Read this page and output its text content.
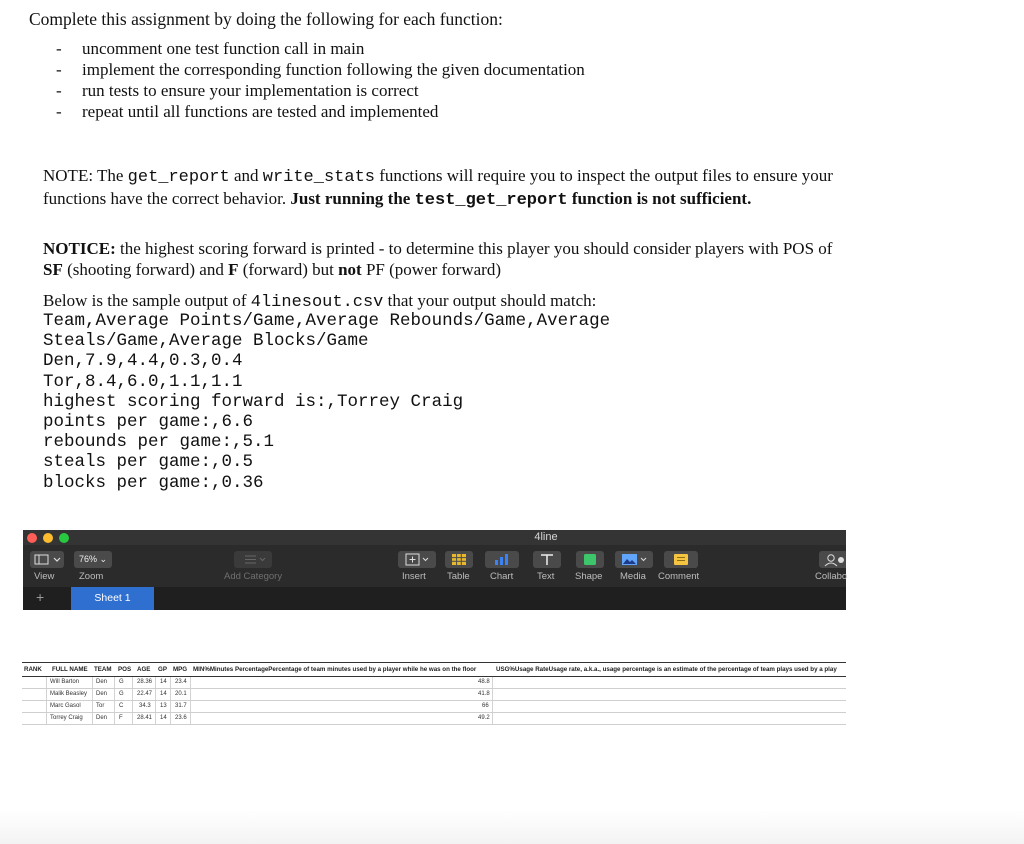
Complete this assignment by doing the following for each function:
- uncomment one test function call in main
- implement the corresponding function following the given documentation
- run tests to ensure your implementation is correct
- repeat until all functions are tested and implemented
NOTE: The get_report and write_stats functions will require you to inspect the output files to ensure your functions have the correct behavior. Just running the test_get_report function is not sufficient.
NOTICE: the highest scoring forward is printed - to determine this player you should consider players with POS of SF (shooting forward) and F (forward) but not PF (power forward)
Below is the sample output of 4linesout.csv that your output should match:
Team,Average Points/Game,Average Rebounds/Game,Average
Steals/Game,Average Blocks/Game
Den,7.9,4.4,0.3,0.4
Tor,8.4,6.0,1.1,1.1
highest scoring forward is:,Torrey Craig
points per game:,6.6
rebounds per game:,5.1
steals per game:,0.5
blocks per game:,0.36
4line
76% ⌄
View	Zoom	Add Category	Insert Table Chart	Text Shape Media Comment	Collabo
+	Sheet 1
RANK FULL NAME TEAM POS AGE GP MPG MIN%Minutes PercentagePercentage of team minutes used by a player while he was on the floor	USG%Usage RateUsage rate, a.k.a., usage percentage is an estimate of the percentage of team plays used by a play
Will Barton	Den G 28.36 14 23.4	48.8
Malik Beasley Den G 22.47 14 20.1	41.8
Marc Gasol	Tor C	34.3 13 31.7	66
Torrey Craig Den F 28.41 14 23.6	49.2
